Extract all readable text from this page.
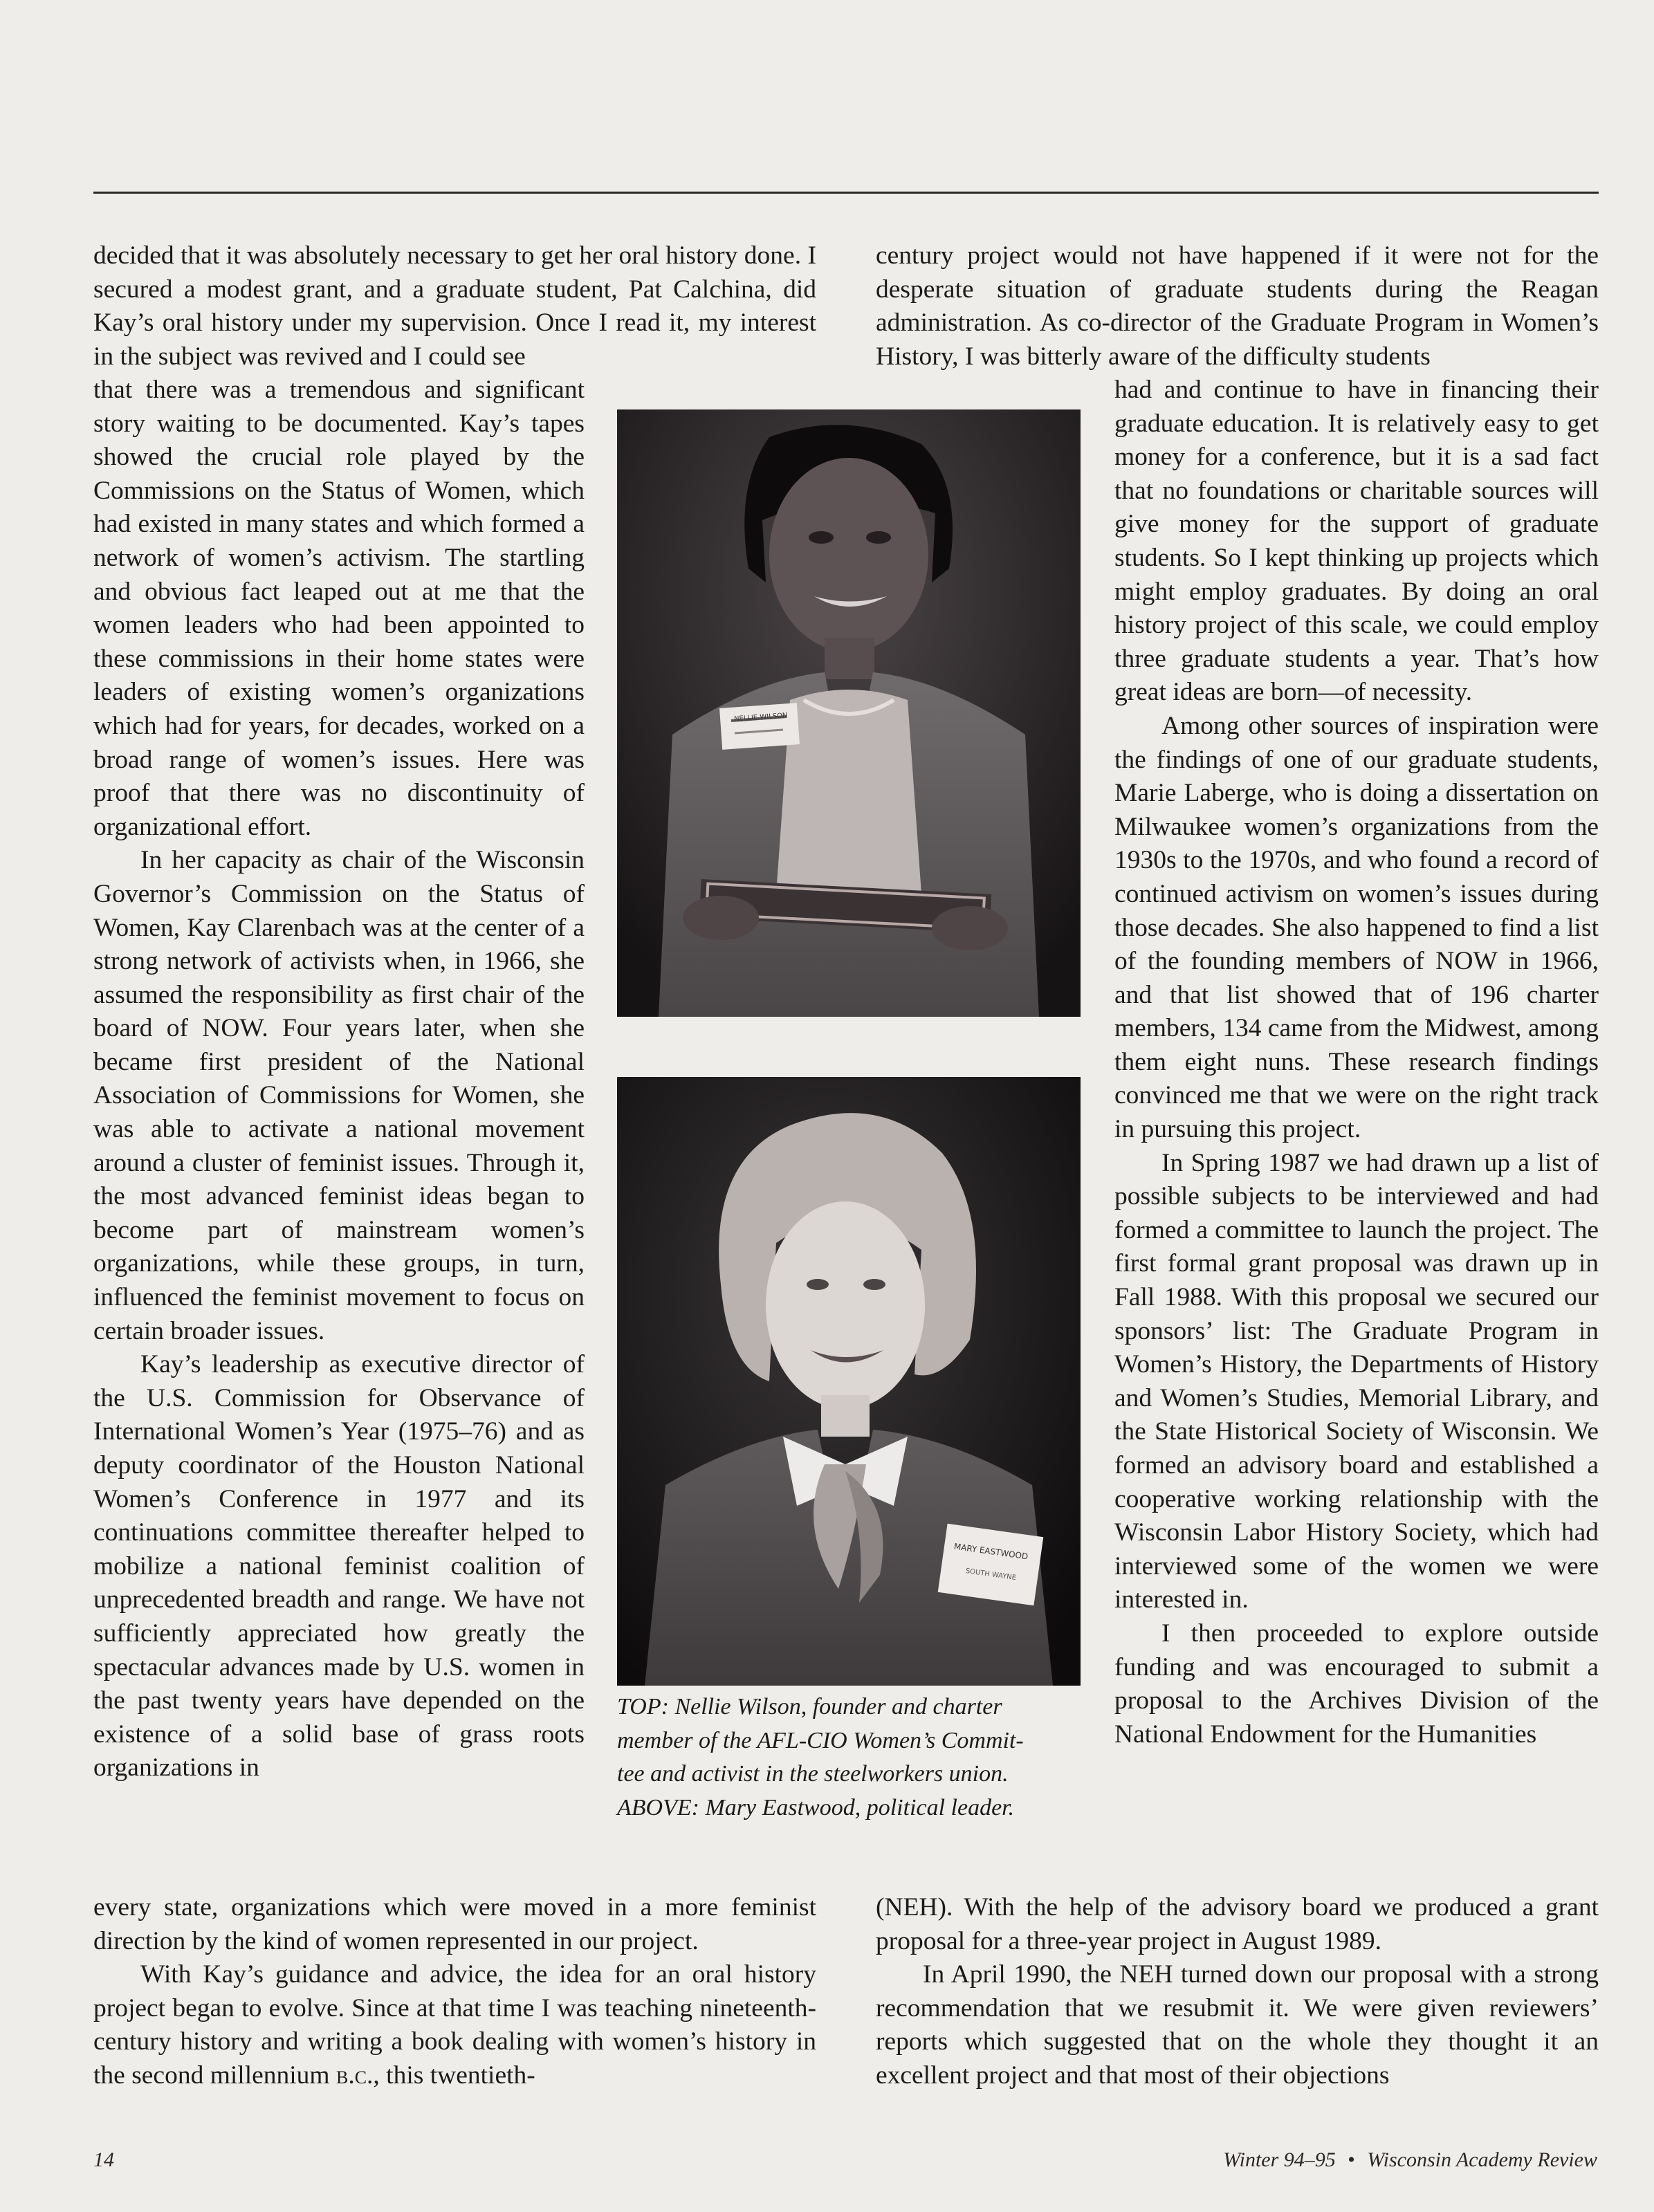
decided that it was absolutely necessary to get her oral history done. I secured a modest grant, and a graduate student, Pat Calchina, did Kay’s oral history under my supervision. Once I read it, my interest in the subject was revived and I could see

that there was a tremendous and significant story waiting to be documented. Kay’s tapes showed the crucial role played by the Commissions on the Status of Women, which had existed in many states and which formed a network of women’s activism. The startling and obvious fact leaped out at me that the women leaders who had been appointed to these commissions in their home states were leaders of existing women’s organizations which had for years, for decades, worked on a broad range of women’s issues. Here was proof that there was no discontinuity of organizational effort.

In her capacity as chair of the Wisconsin Governor’s Commission on the Status of Women, Kay Clarenbach was at the center of a strong network of activists when, in 1966, she assumed the responsibility as first chair of the board of NOW. Four years later, when she became first president of the National Association of Commissions for Women, she was able to activate a national movement around a cluster of feminist issues. Through it, the most advanced feminist ideas began to become part of mainstream women’s organizations, while these groups, in turn, influenced the feminist movement to focus on certain broader issues.

Kay’s leadership as executive director of the U.S. Commission for Observance of International Women’s Year (1975–76) and as deputy coordinator of the Houston National Women’s Conference in 1977 and its continuations committee thereafter helped to mobilize a national feminist coalition of unprecedented breadth and range. We have not sufficiently appreciated how greatly the spectacular advances made by U.S. women in the past twenty years have depended on the existence of a solid base of grass roots organizations in

every state, organizations which were moved in a more feminist direction by the kind of women represented in our project.

With Kay’s guidance and advice, the idea for an oral history project began to evolve. Since at that time I was teaching nineteenth-century history and writing a book dealing with women’s history in the second millennium b.c., this twentieth-

century project would not have happened if it were not for the desperate situation of graduate students during the Reagan administration. As co-director of the Graduate Program in Women’s History, I was bitterly aware of the difficulty students

had and continue to have in financing their graduate education. It is relatively easy to get money for a conference, but it is a sad fact that no foundations or charitable sources will give money for the support of graduate students. So I kept thinking up projects which might employ graduates. By doing an oral history project of this scale, we could employ three graduate students a year. That’s how great ideas are born—of necessity.

Among other sources of inspiration were the findings of one of our graduate students, Marie Laberge, who is doing a dissertation on Milwaukee women’s organizations from the 1930s to the 1970s, and who found a record of continued activism on women’s issues during those decades. She also happened to find a list of the founding members of NOW in 1966, and that list showed that of 196 charter members, 134 came from the Midwest, among them eight nuns. These research findings convinced me that we were on the right track in pursuing this project.

In Spring 1987 we had drawn up a list of possible subjects to be interviewed and had formed a committee to launch the project. The first formal grant proposal was drawn up in Fall 1988. With this proposal we secured our sponsors’ list: The Graduate Program in Women’s History, the Departments of History and Women’s Studies, Memorial Library, and the State Historical Society of Wisconsin. We formed an advisory board and established a cooperative working relationship with the Wisconsin Labor History Society, which had interviewed some of the women we were interested in.

I then proceeded to explore outside funding and was encouraged to submit a proposal to the Archives Division of the National Endowment for the Humanities

(NEH). With the help of the advisory board we produced a grant proposal for a three-year project in August 1989.

In April 1990, the NEH turned down our proposal with a strong recommendation that we resubmit it. We were given reviewers’ reports which suggested that on the whole they thought it an excellent project and that most of their objections

NELLIE WILSON
MARY EASTWOOD
SOUTH WAYNE

TOP: Nellie Wilson, founder and charter

member of the AFL-CIO Women’s Commit-

tee and activist in the steelworkers union.

ABOVE: Mary Eastwood, political leader.

14	Winter 94–95 • Wisconsin Academy Review
